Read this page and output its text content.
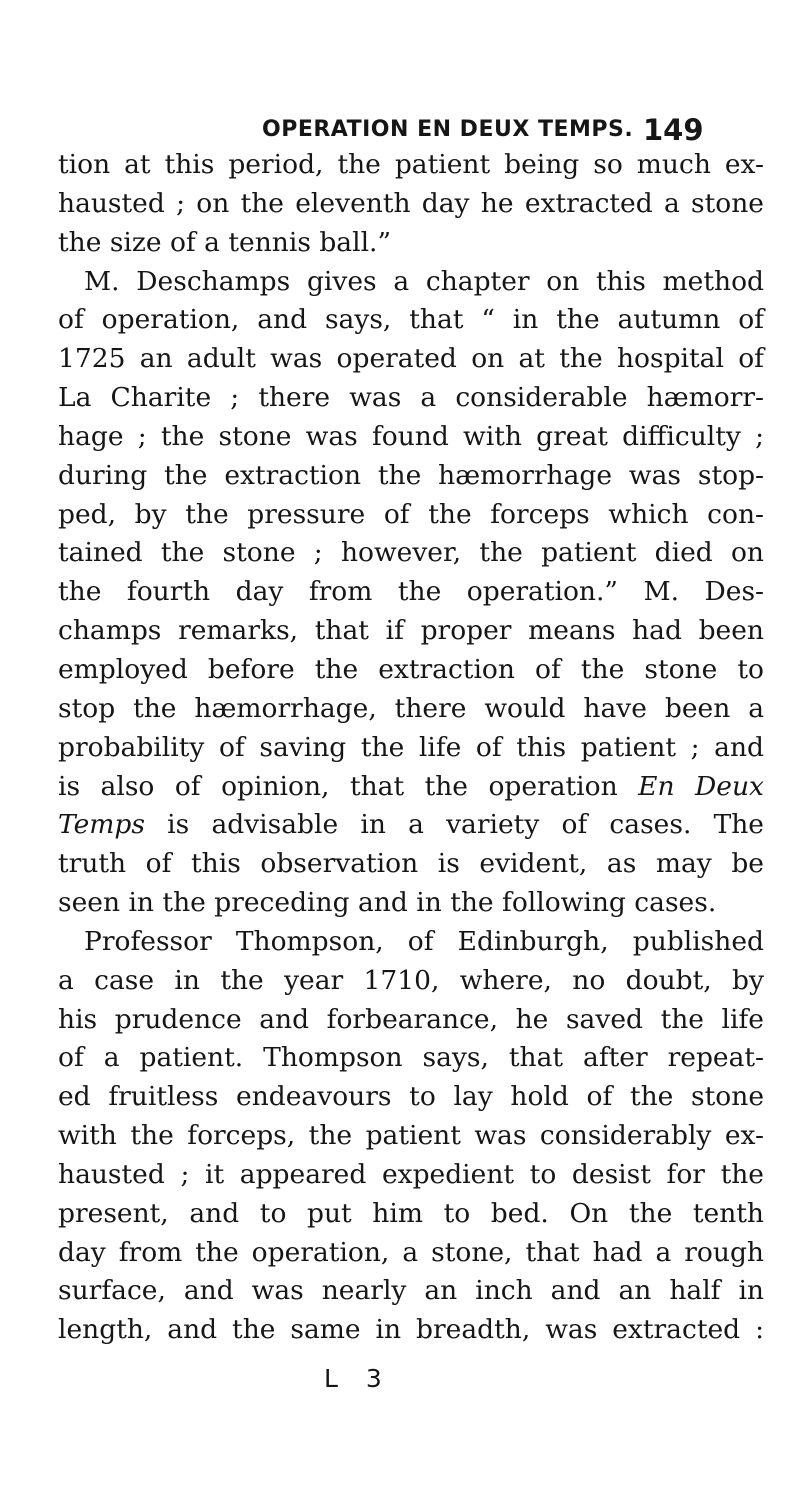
OPERATION EN DEUX TEMPS. 149
tion at this period, the patient being so much ex-
hausted ; on the eleventh day he extracted a stone
the size of a tennis ball.”
M. Deschamps gives a chapter on this method
of operation, and says, that “ in the autumn of
1725 an adult was operated on at the hospital of
La Charite ; there was a considerable hæmorr-
hage ; the stone was found with great difficulty ;
during the extraction the hæmorrhage was stop-
ped, by the pressure of the forceps which con-
tained the stone ; however, the patient died on
the fourth day from the operation.” M. Des-
champs remarks, that if proper means had been
employed before the extraction of the stone to
stop the hæmorrhage, there would have been a
probability of saving the life of this patient ; and
is also of opinion, that the operation En Deux
Temps is advisable in a variety of cases. The
truth of this observation is evident, as may be
seen in the preceding and in the following cases.
Professor Thompson, of Edinburgh, published
a case in the year 1710, where, no doubt, by
his prudence and forbearance, he saved the life
of a patient. Thompson says, that after repeat-
ed fruitless endeavours to lay hold of the stone
with the forceps, the patient was considerably ex-
hausted ; it appeared expedient to desist for the
present, and to put him to bed. On the tenth
day from the operation, a stone, that had a rough
surface, and was nearly an inch and an half in
length, and the same in breadth, was extracted :
L 3
